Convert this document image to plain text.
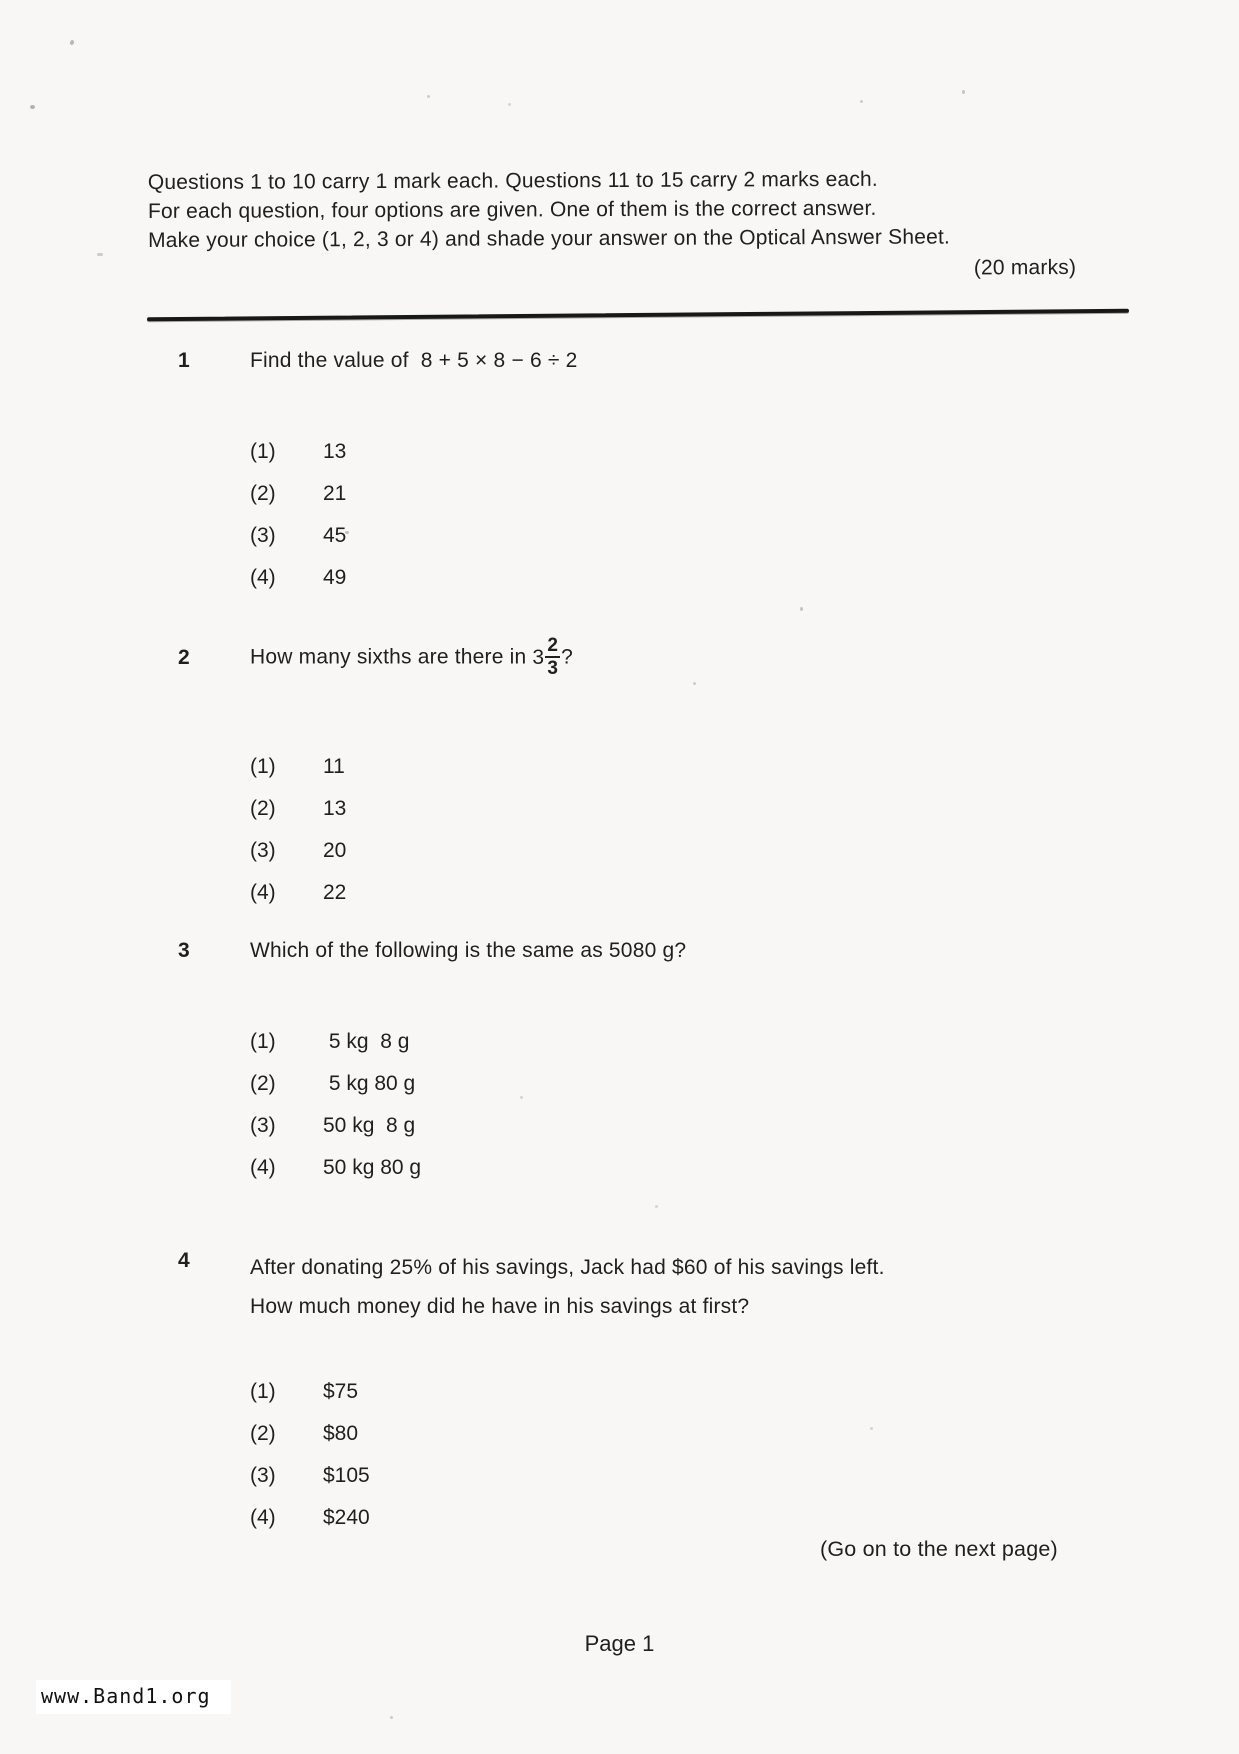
Questions 1 to 10 carry 1 mark each. Questions 11 to 15 carry 2 marks each.

For each question, four options are given. One of them is the correct answer.

Make your choice (1, 2, 3 or 4) and shade your answer on the Optical Answer Sheet.

(20 marks)

1	Find the value of  8 + 5 × 8 − 6 ÷ 2
(1)	13
(2)	21
(3)	45
(4)	49
2	How many sixths are there in $3 \frac{2}{3}$ ?
(1)	11
(2)	13
(3)	20
(4)	22
3	Which of the following is the same as 5080 g?
(1)	5 kg  8 g
(2)	5 kg 80 g
(3)	50 kg  8 g
(4)	50 kg 80 g
4	After donating 25% of his savings, Jack had $60 of his savings left.
How much money did he have in his savings at first?
(1)	$75
(2)	$80
(3)	$105
(4)	$240
(Go on to the next page)
Page 1
www.Band1.org
